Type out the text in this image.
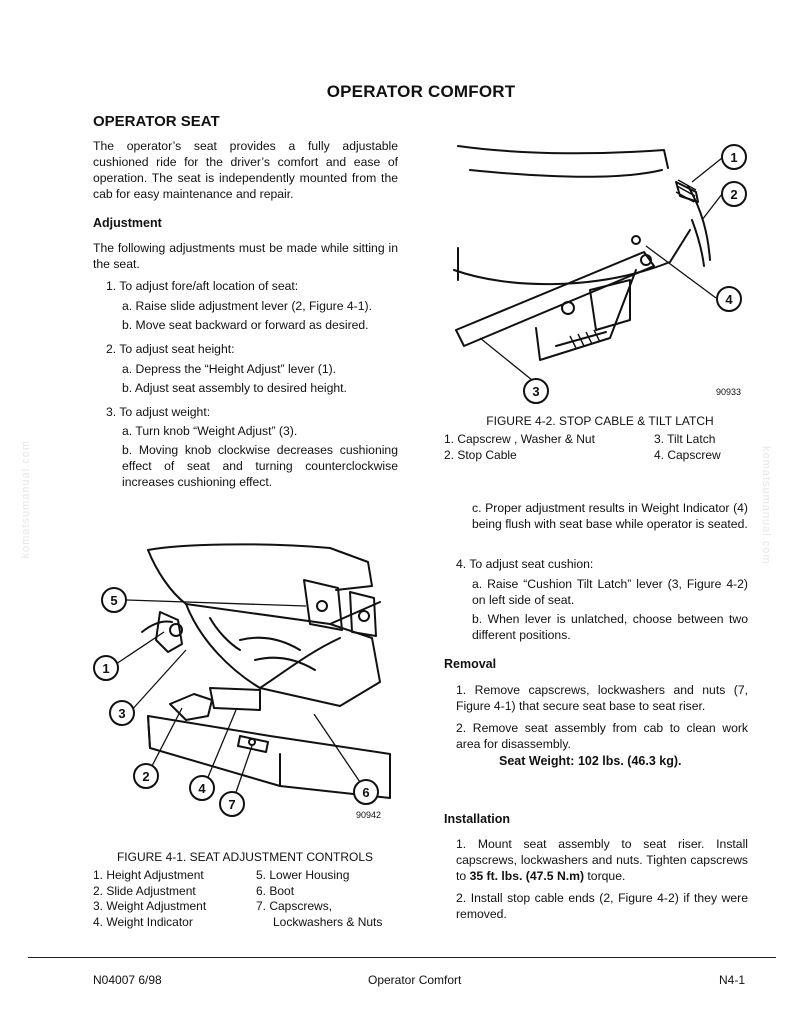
OPERATOR COMFORT
OPERATOR SEAT
The operator’s seat provides a fully adjustable cushioned ride for the driver’s comfort and ease of operation. The seat is independently mounted from the cab for easy maintenance and repair.
Adjustment
The following adjustments must be made while sitting in the seat.
1. To adjust fore/aft location of seat:
a. Raise slide adjustment lever (2, Figure 4-1).
b. Move seat backward or forward as desired.
2. To adjust seat height:
a. Depress the “Height Adjust” lever (1).
b. Adjust seat assembly to desired height.
3. To adjust weight:
a. Turn knob “Weight Adjust” (3).
b. Moving knob clockwise decreases cushioning effect of seat and turning counterclockwise increases cushioning effect.
5
1
3
2
4
7
6
90942
FIGURE 4-1. SEAT ADJUSTMENT CONTROLS
1. Height Adjustment
2. Slide Adjustment
3. Weight Adjustment
4. Weight Indicator
5. Lower Housing
6. Boot
7. Capscrews,
Lockwashers & Nuts
1
2
4
3	90933
FIGURE 4-2. STOP CABLE & TILT LATCH
1. Capscrew , Washer & Nut
2. Stop Cable
3. Tilt Latch
4. Capscrew
c. Proper adjustment results in Weight Indicator (4) being flush with seat base while operator is seated.
4. To adjust seat cushion:
a. Raise “Cushion Tilt Latch” lever (3, Figure 4-2) on left side of seat.
b. When lever is unlatched, choose between two different positions.
Removal
1. Remove capscrews, lockwashers and nuts (7, Figure 4-1) that secure seat base to seat riser.
2. Remove seat assembly from cab to clean work area for disassembly.
Seat Weight: 102 lbs. (46.3 kg).
Installation
1. Mount seat assembly to seat riser. Install capscrews, lockwashers and nuts. Tighten capscrews to 35 ft. lbs. (47.5 N.m) torque.
2. Install stop cable ends (2, Figure 4-2) if they were removed.
komatsumanual.com	komatsumanual.com
N04007 6/98	Operator Comfort	N4-1
